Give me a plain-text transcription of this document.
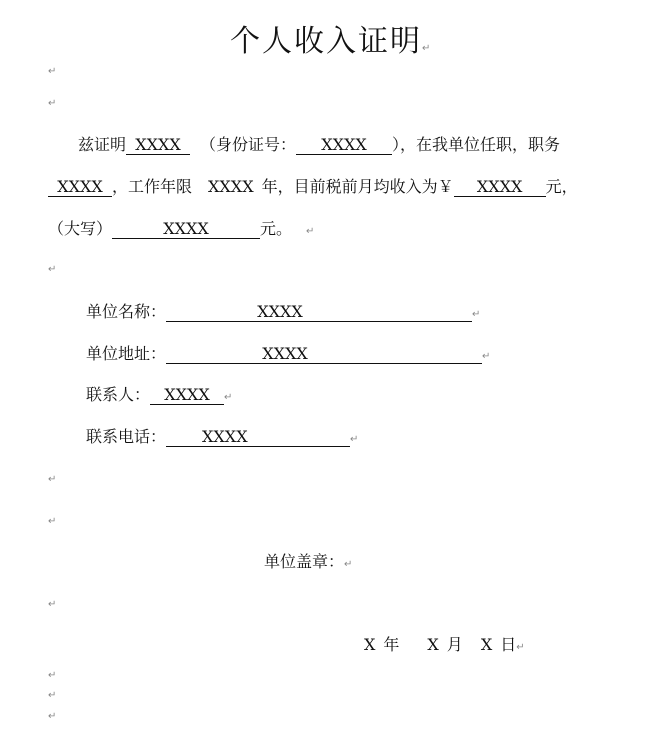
个人收入证明↵
↵
↵
兹证明 XXXX （身份证号： XXXX ），在我单位任职，职务
XXXX ，工作年限 XXXX 年，目前税前月均收入为￥ XXXX 元，
（大写）	XXXX	元。 ↵
↵
单位名称：	XXXX	↵
单位地址：	XXXX	↵
联系人： XXXX ↵
联系电话： XXXX	↵
↵
↵
单位盖章：↵
↵
X 年 X 月 X 日↵
↵
↵
↵
